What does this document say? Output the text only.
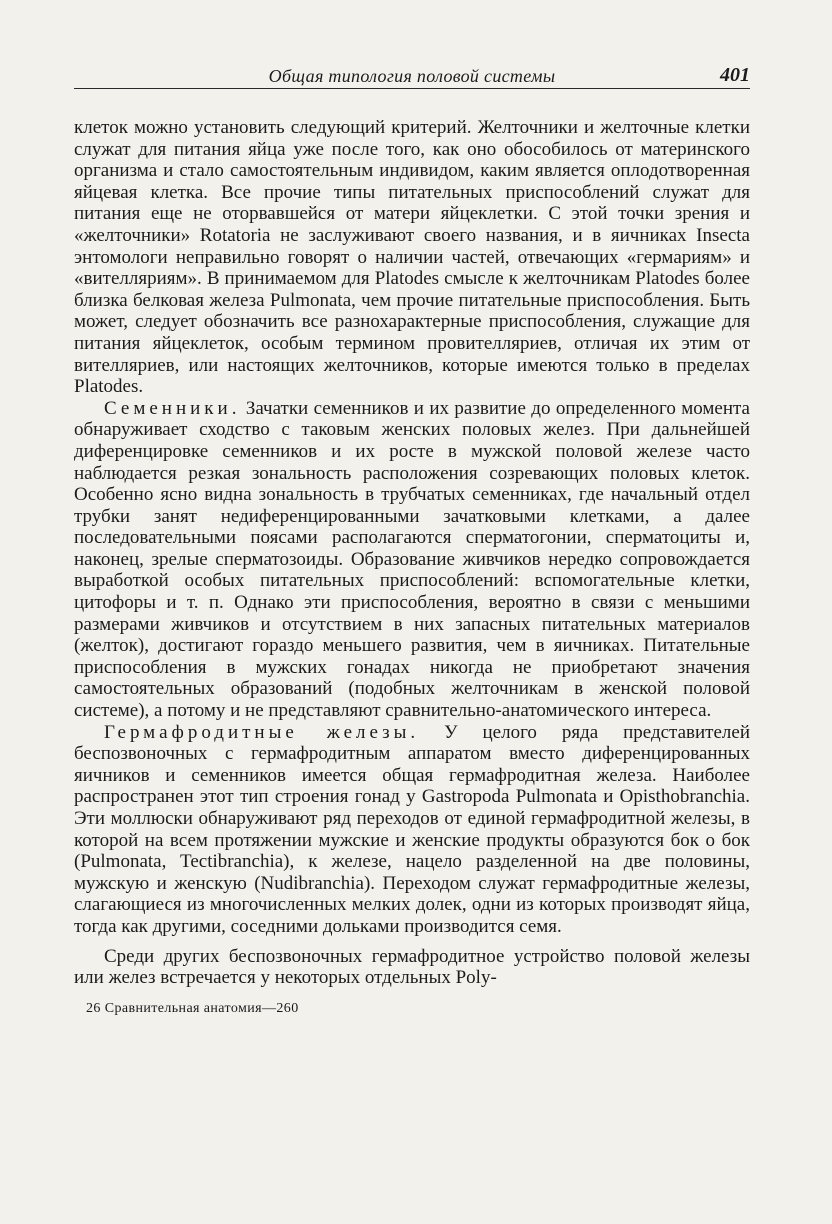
Общая типология половой системы	401

клеток можно установить следующий критерий. Желточники и желточные клетки служат для питания яйца уже после того, как оно обособилось от материнского организма и стало самостоятельным индивидом, каким является оплодотворенная яйцевая клетка. Все прочие типы питательных приспособлений служат для питания еще не оторвавшейся от матери яйцеклетки. С этой точки зрения и «желточники» Rotatoria не заслуживают своего названия, и в яичниках Insecta энтомологи неправильно говорят о наличии частей, отвечающих «гермариям» и «вителляриям». В принимаемом для Platodes смысле к желточникам Platodes более близка белковая железа Pulmonata, чем прочие питательные приспособления. Быть может, следует обозначить все разнохарактерные приспособления, служащие для питания яйцеклеток, особым термином провителляриев, отличая их этим от вителляриев, или настоящих желточников, которые имеются только в пределах Platodes.

Семенники. Зачатки семенников и их развитие до определенного момента обнаруживает сходство с таковым женских половых желез. При дальнейшей диференцировке семенников и их росте в мужской половой железе часто наблюдается резкая зональность расположения созревающих половых клеток. Особенно ясно видна зональность в трубчатых семенниках, где начальный отдел трубки занят недиференцированными зачатковыми клетками, а далее последовательными поясами располагаются сперматогонии, сперматоциты и, наконец, зрелые сперматозоиды. Образование живчиков нередко сопровождается выработкой особых питательных приспособлений: вспомогательные клетки, цитофоры и т. п. Однако эти приспособления, вероятно в связи с меньшими размерами живчиков и отсутствием в них запасных питательных материалов (желток), достигают гораздо меньшего развития, чем в яичниках. Питательные приспособления в мужских гонадах никогда не приобретают значения самостоятельных образований (подобных желточникам в женской половой системе), а потому и не представляют сравнительно-анатомического интереса.

Гермафродитные железы. У целого ряда представителей беспозвоночных с гермафродитным аппаратом вместо диференцированных яичников и семенников имеется общая гермафродитная железа. Наиболее распространен этот тип строения гонад у Gastropoda Pulmonata и Opisthobranchia. Эти моллюски обнаруживают ряд переходов от единой гермафродитной железы, в которой на всем протяжении мужские и женские продукты образуются бок о бок (Pulmonata, Tectibranchia), к железе, нацело разделенной на две половины, мужскую и женскую (Nudibranchia). Переходом служат гермафродитные железы, слагающиеся из многочисленных мелких долек, одни из которых производят яйца, тогда как другими, соседними дольками производится семя.

Среди других беспозвоночных гермафродитное устройство половой железы или желез встречается у некоторых отдельных Poly-

26 Сравнительная анатомия—260
